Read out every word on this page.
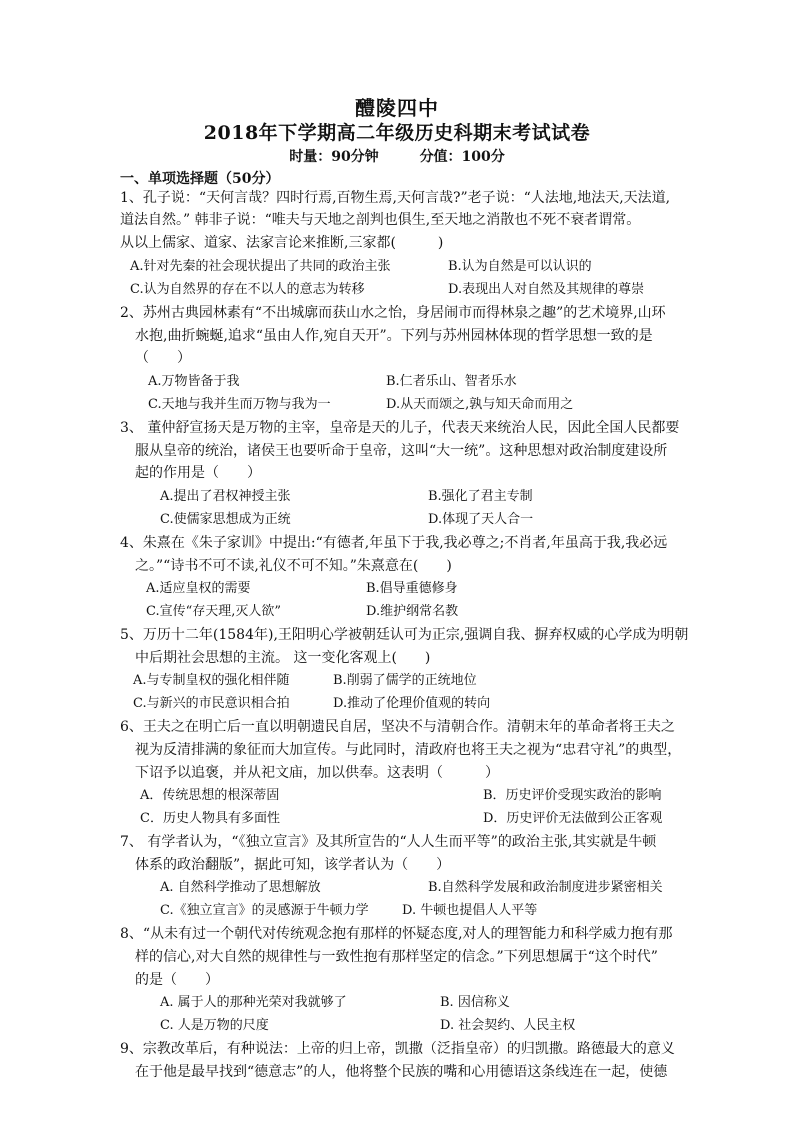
醴陵四中
2018年下学期高二年级历史科期末考试试卷
时量：90分钟	分值：100分
一、单项选择题（50分）
1、孔子说：“天何言哉？四时行焉,百物生焉,天何言哉?”老子说：“人法地,地法天,天法道,
道法自然。” 韩非子说：“唯夫与天地之剖判也俱生,至天地之消散也不死不衰者谓常。
从以上儒家、道家、法家言论来推断,三家都(　　　)
A.针对先秦的社会现状提出了共同的政治主张	B.认为自然是可以认识的
C.认为自然界的存在不以人的意志为转移	D.表现出人对自然及其规律的尊崇
2、苏州古典园林素有“不出城廓而获山水之怡，身居闹市而得林泉之趣”的艺术境界,山环
水抱,曲折蜿蜒,追求“虽由人作,宛自天开”。下列与苏州园林体现的哲学思想一致的是
（　　）
A.万物皆备于我	B.仁者乐山、智者乐水
C.天地与我并生而万物与我为一	D.从天而颂之,孰与知天命而用之
3、 董仲舒宣扬天是万物的主宰，皇帝是天的儿子，代表天来统治人民，因此全国人民都要
服从皇帝的统治，诸侯王也要听命于皇帝，这叫“大一统”。这种思想对政治制度建设所
起的作用是（　　）
A.提出了君权神授主张	B.强化了君主专制
C.使儒家思想成为正统	D.体现了天人合一
4、朱熹在《朱子家训》中提出:“有德者,年虽下于我,我必尊之;不肖者,年虽高于我,我必远
之。”“诗书不可不读,礼仪不可不知。”朱熹意在(　　)
A.适应皇权的需要	B.倡导重德修身
C.宣传“存天理,灭人欲”	D.维护纲常名教
5、万历十二年(1584年),王阳明心学被朝廷认可为正宗,强调自我、摒弃权威的心学成为明朝
中后期社会思想的主流。 这一变化客观上(　　)
A.与专制皇权的强化相伴随	B.削弱了儒学的正统地位
C.与新兴的市民意识相合拍	D.推动了伦理价值观的转向
6、王夫之在明亡后一直以明朝遗民自居，坚决不与清朝合作。清朝末年的革命者将王夫之
视为反清排满的象征而大加宣传。与此同时，清政府也将王夫之视为“忠君守礼”的典型，
下诏予以追褒，并从祀文庙，加以供奉。这表明（　　　）
A．传统思想的根深蒂固	B．历史评价受现实政治的影响
C．历史人物具有多面性	D．历史评价无法做到公正客观
7、 有学者认为，“《独立宣言》及其所宣告的“人人生而平等”的政治主张,其实就是牛顿
体系的政治翻版”，据此可知，该学者认为（　　）
A. 自然科学推动了思想解放	B.自然科学发展和政治制度进步紧密相关
C.《独立宣言》的灵感源于牛顿力学	D. 牛顿也提倡人人平等
8、“从未有过一个朝代对传统观念抱有那样的怀疑态度,对人的理智能力和科学威力抱有那
样的信心,对大自然的规律性与一致性抱有那样坚定的信念。”下列思想属于“这个时代”
的是（　　）
A. 属于人的那种光荣对我就够了	B. 因信称义
C. 人是万物的尺度	D. 社会契约、人民主权
9、宗教改革后，有种说法：上帝的归上帝，凯撒（泛指皇帝）的归凯撒。路德最大的意义
在于他是最早找到“德意志”的人，他将整个民族的嘴和心用德语这条线连在一起，使德
